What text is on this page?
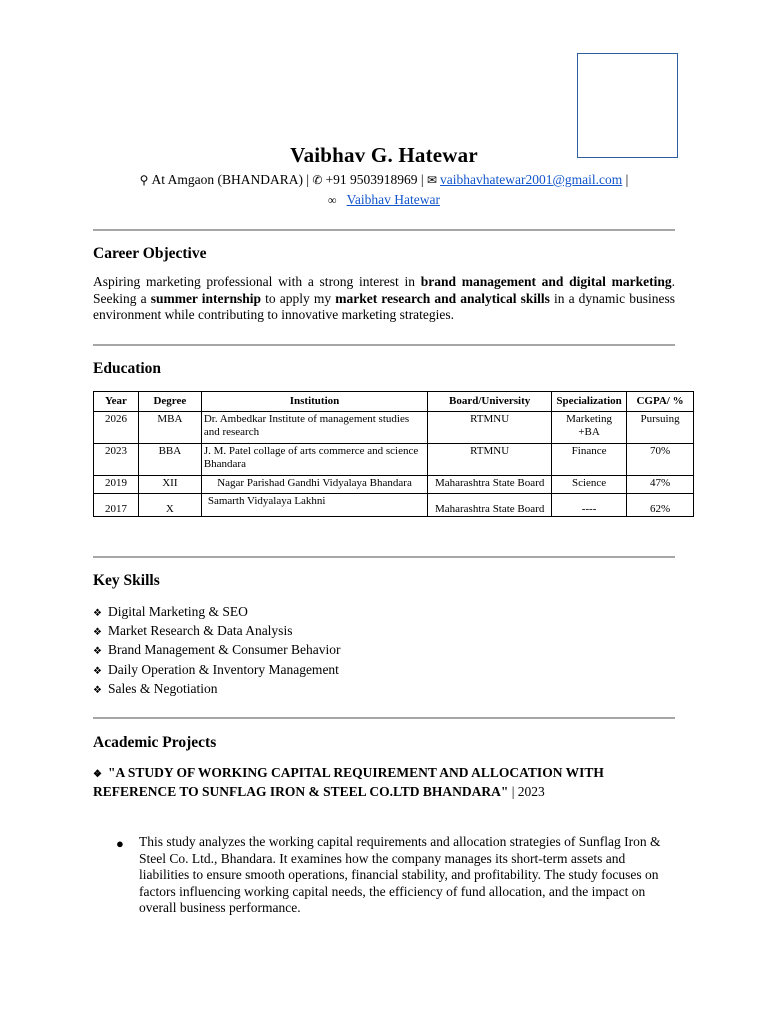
Vaibhav G. Hatewar
⚲ At Amgaon (BHANDARA) | ✆ +91 9503918969 | ✉ vaibhavhatewar2001@gmail.com |
∞ Vaibhav Hatewar
Career Objective
Aspiring marketing professional with a strong interest in brand management and digital marketing. Seeking a summer internship to apply my market research and analytical skills in a dynamic business environment while contributing to innovative marketing strategies.
Education
Year	Degree	Institution	Board/University	Specialization	CGPA/ %
2026	MBA	Dr. Ambedkar Institute of management studies and research	RTMNU	Marketing +BA	Pursuing
2023	BBA	J. M. Patel collage of arts commerce and science Bhandara	RTMNU	Finance	70%
2019	XII	Nagar Parishad Gandhi Vidyalaya Bhandara	Maharashtra State Board	Science	47%
2017	X	Samarth Vidyalaya Lakhni	Maharashtra State Board	----	62%
Key Skills
❖ Digital Marketing & SEO
❖ Market Research & Data Analysis
❖ Brand Management & Consumer Behavior
❖ Daily Operation & Inventory Management
❖ Sales & Negotiation
Academic Projects
❖ "A STUDY OF WORKING CAPITAL REQUIREMENT AND ALLOCATION WITH REFERENCE TO SUNFLAG IRON & STEEL CO.LTD BHANDARA" | 2023
● This study analyzes the working capital requirements and allocation strategies of Sunflag Iron & Steel Co. Ltd., Bhandara. It examines how the company manages its short-term assets and liabilities to ensure smooth operations, financial stability, and profitability. The study focuses on factors influencing working capital needs, the efficiency of fund allocation, and the impact on overall business performance.
